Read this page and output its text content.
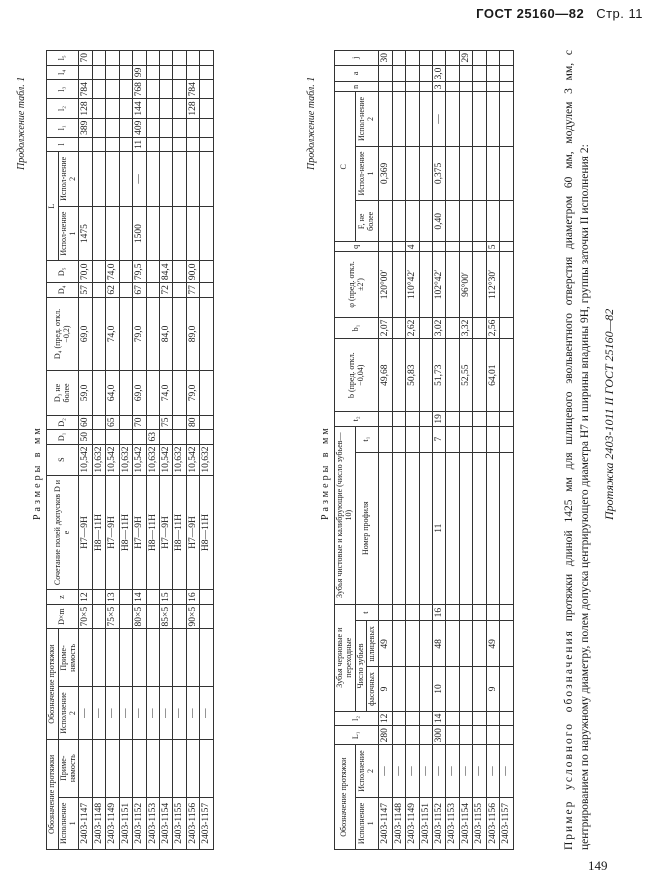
ГОСТ 25160—82 Стр. 11
Продолжение табл. 1
Размеры в мм
Обозначение протяжки		Обозначение протяжки		D×m	z	Сочетание полей допусков D и e	S	D₁	D₂	D₃ не более	D₄ (пред. откл. −0,2)	D₄	D₅	L		l	l₁	l₂	l₃	l₄	l₅
Исполнение 1	Приме-нямость	Исполнение 2	Приме-нямость											Испол-нение 1	Испол-нение 2						
2403-1147		—		70×5	12	H7—9H	10,542	50	60	59,0	69,0	57	70,0	1475			389	128	784		70
2403-1148		—				H8—11H	10,632														
2403-1149		—		75×5	13	H7—9H	10,542		65	64,0	74,0	62	74,0								
2403-1151		—				H8—11H	10,632														
2403-1152		—		80×5	14	H7—9H	10,542		70	69,0	79,0	67	79,5	1500	—	11	409	144	768	99	
2403-1153		—				H8—11H	10,632	63													
2403-1154		—		85×5	15	H7—9H	10,542		75	74,0	84,0	72	84,4								
2403-1155		—				H8—11H	10,632														
2403-1156		—		90×5	16	H7—9H	10,542		80	79,0	89,0	77	90,0					128	784		
2403-1157		—				H8—11H	10,632														
Продолжение табл. 1
Размеры в мм
Обозначение протяжки		L₁	l₂	Зубья черновые и переходные			Зубья чистовые и калибрующие (число зубьев—10)		t₂	b (пред. откл. −0,04)	b₁	φ (пред. откл. ±2′)	q	C			n	a	j
Исполнение 1	Исполнение 2			Число зубьев		t	Номер профиля	t₁						F, не более	Испол-нение 1	Испол-нение 2			
				фасочных	шлицевых														
2403-1147	—	280	12	9	49					49,68	2,07	120°00′			0,369				30
2403-1148	—																		
2403-1149	—									50,83	2,62	110°42′	4						
2403-1151	—																		
2403-1152	—	300	14	10	48	16	11	7	19	51,73	3,02	102°42′		0,40	0,375	—	3	3,0	
2403-1153	—																		
2403-1154	—									52,55	3,32	96°00′							29
2403-1155	—																		
2403-1156	—			9	49					64,01	2,56	112°30′	5						
2403-1157	—																			Пример условного обозначения протяжки длиной 1425 мм для шлицевого эвольвентного отверстия диаметром 60 мм, модулем 3 мм, с центрированием по наружному диаметру, полем допуска центрирующего диаметра H7 и ширины впадины 9H, группы заточки II исполнения 2: Протяжка 2403-1011 II ГОСТ 25160—82
149
